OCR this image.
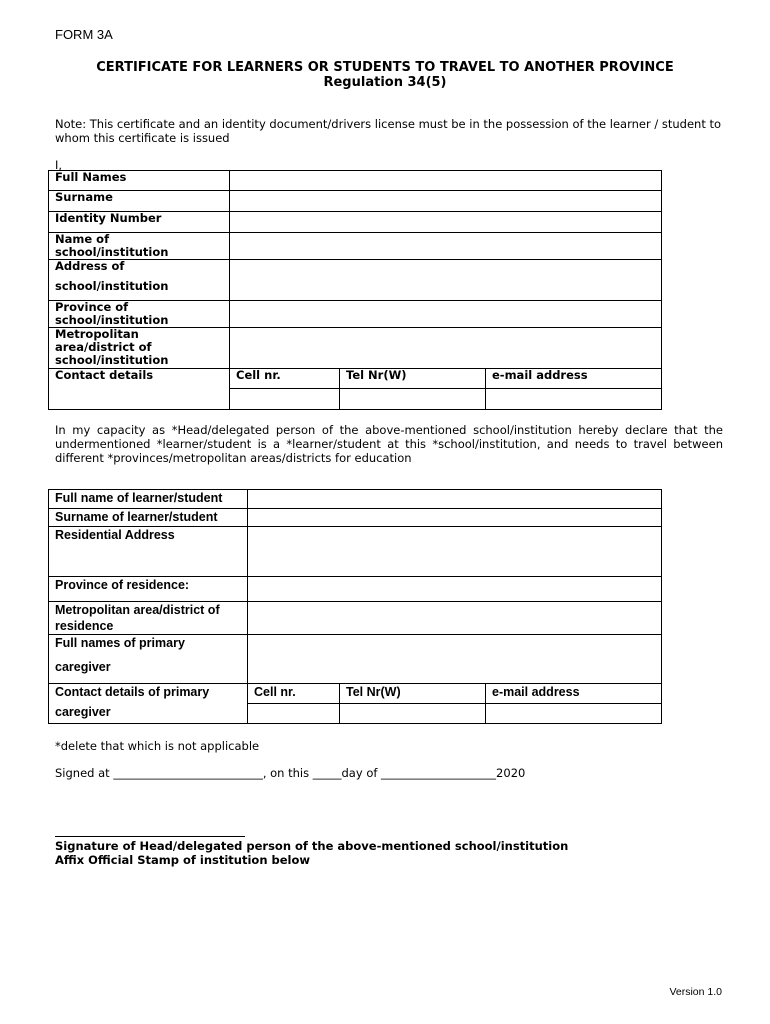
FORM 3A
CERTIFICATE FOR LEARNERS OR STUDENTS TO TRAVEL TO ANOTHER PROVINCE
Regulation 34(5)
Note: This certificate and an identity document/drivers license must be in the possession of the learner / student to whom this certificate is issued
I,
Full Names			
Surname			
Identity Number			

Name of
school/institution			

Address of
school/institution			

Province of
school/institution			

Metropolitan
area/district of
school/institution			

Contact details	Cell nr.	Tel Nr(W)	e-mail address

In my capacity as *Head/delegated person of the above-mentioned school/institution hereby declare that the undermentioned *learner/student is a *learner/student at this *school/institution, and needs to travel between different *provinces/metropolitan areas/districts for education
Full name of learner/student			
Surname of learner/student			
Residential Address			
Province of residence:			

Metropolitan area/district of
residence			

Full names of primary
caregiver			

Contact details of primary
caregiver	Cell nr.	Tel Nr(W)	e-mail address

*delete that which is not applicable
Signed at __________________________, on this _____day of ____________________2020
Signature of Head/delegated person of the above-mentioned school/institution
Affix Official Stamp of institution below
Version 1.0
